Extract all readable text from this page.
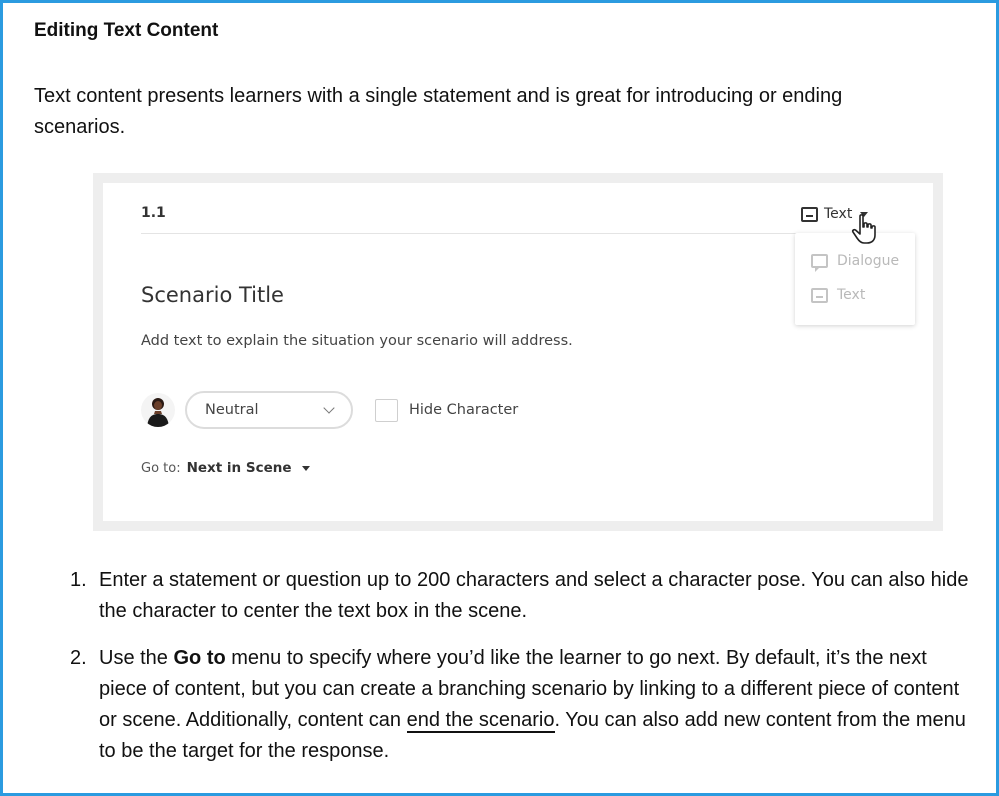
Editing Text Content

Text content presents learners with a single statement and is great for introducing or ending scenarios.

1.1	Text
Dialogue
Text
Scenario Title
Add text to explain the situation your scenario will address.
Neutral	Hide Character
Go to: Next in Scene
1. Enter a statement or question up to 200 characters and select a character pose. You can also hide the character to center the text box in the scene.
2. Use the Go to menu to specify where you’d like the learner to go next. By default, it’s the next piece of content, but you can create a branching scenario by linking to a different piece of content or scene. Additionally, content can end the scenario. You can also add new content from the menu to be the target for the response.
